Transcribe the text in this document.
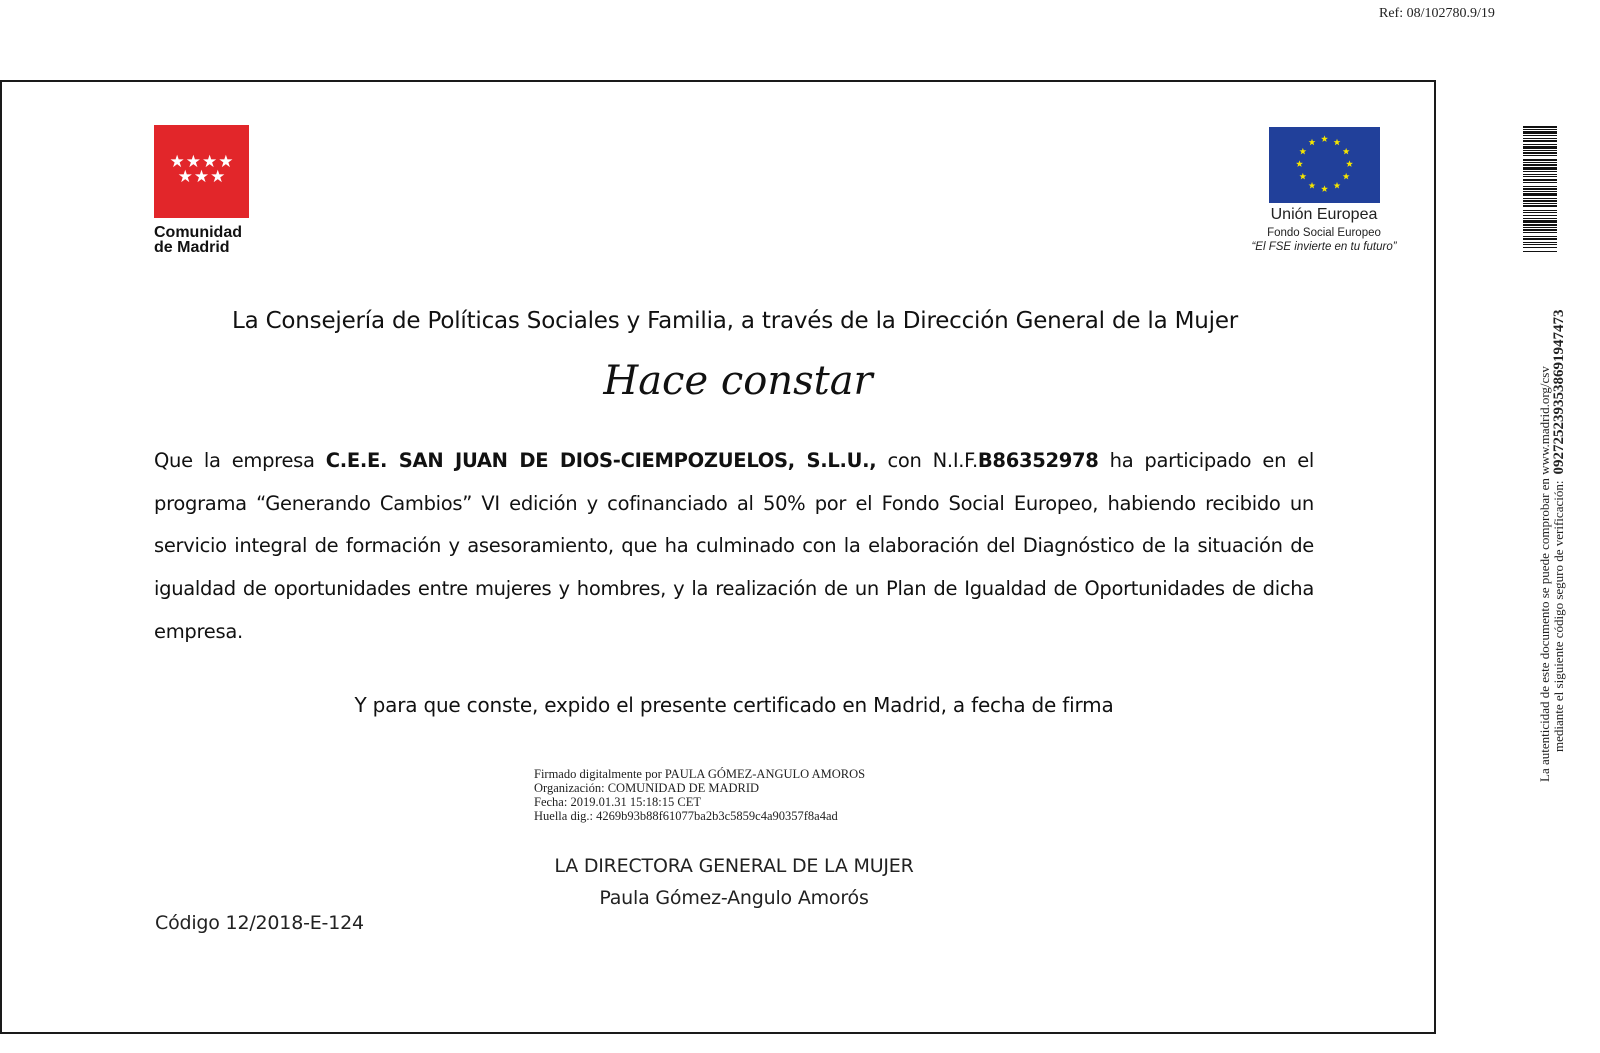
Ref: 08/102780.9/19
★★★★
★★★
Comunidad
de Madrid
Unión Europea
Fondo Social Europeo
“El FSE invierte en tu futuro”
La Consejería de Políticas Sociales y Familia, a través de la Dirección General de la Mujer
Hace constar
Que la empresa C.E.E. SAN JUAN DE DIOS-CIEMPOZUELOS, S.L.U., con N.I.F.B86352978 ha participado en el programa “Generando Cambios” VI edición y cofinanciado al 50% por el Fondo Social Europeo, habiendo recibido un servicio integral de formación y asesoramiento, que ha culminado con la elaboración del Diagnóstico de la situación de igualdad de oportunidades entre mujeres y hombres, y la realización de un Plan de Igualdad de Oportunidades de dicha empresa.
Y para que conste, expido el presente certificado en Madrid, a fecha de firma
Firmado digitalmente por PAULA GÓMEZ-ANGULO AMOROS
Organización: COMUNIDAD DE MADRID
Fecha: 2019.01.31 15:18:15 CET
Huella dig.: 4269b93b88f61077ba2b3c5859c4a90357f8a4ad
LA DIRECTORA GENERAL DE LA MUJER
Paula Gómez-Angulo Amorós
Código 12/2018-E-124
La autenticidad de este documento se puede comprobar en www.madrid.org/csv mediante el siguiente código seguro de verificación:0927252393538691947473
